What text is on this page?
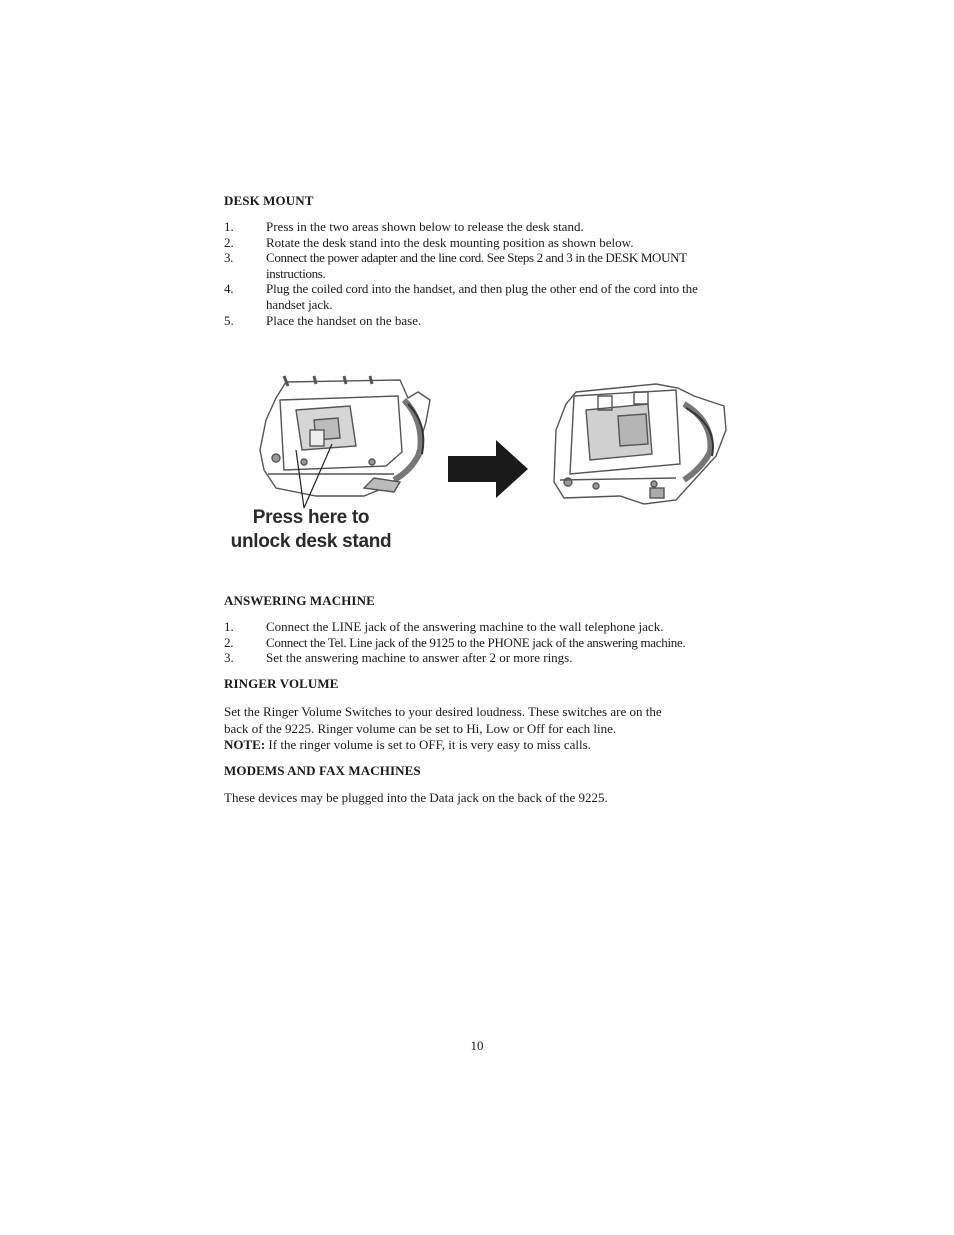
DESK MOUNT
1. Press in the two areas shown below to release the desk stand.
2. Rotate the desk stand into the desk mounting position as shown below.
3.	Connect the power adapter and the line cord. See Steps 2 and 3 in the DESK MOUNT instructions.
4. Plug the coiled cord into the handset, and then plug the other end of the cord into the handset jack.
5. Place the handset on the base.
Press here to
unlock desk stand
ANSWERING MACHINE
1. Connect the LINE jack of the answering machine to the wall telephone jack.
2.	Connect the Tel. Line jack of the 9125 to the PHONE jack of the answering machine.
3. Set the answering machine to answer after 2 or more rings.
RINGER VOLUME

Set the Ringer Volume Switches to your desired loudness. These switches are on the

back of the 9225. Ringer volume can be set to Hi, Low or Off for each line.

NOTE: If the ringer volume is set to OFF, it is very easy to miss calls.

MODEMS AND FAX MACHINES

These devices may be plugged into the Data jack on the back of the 9225.

10
